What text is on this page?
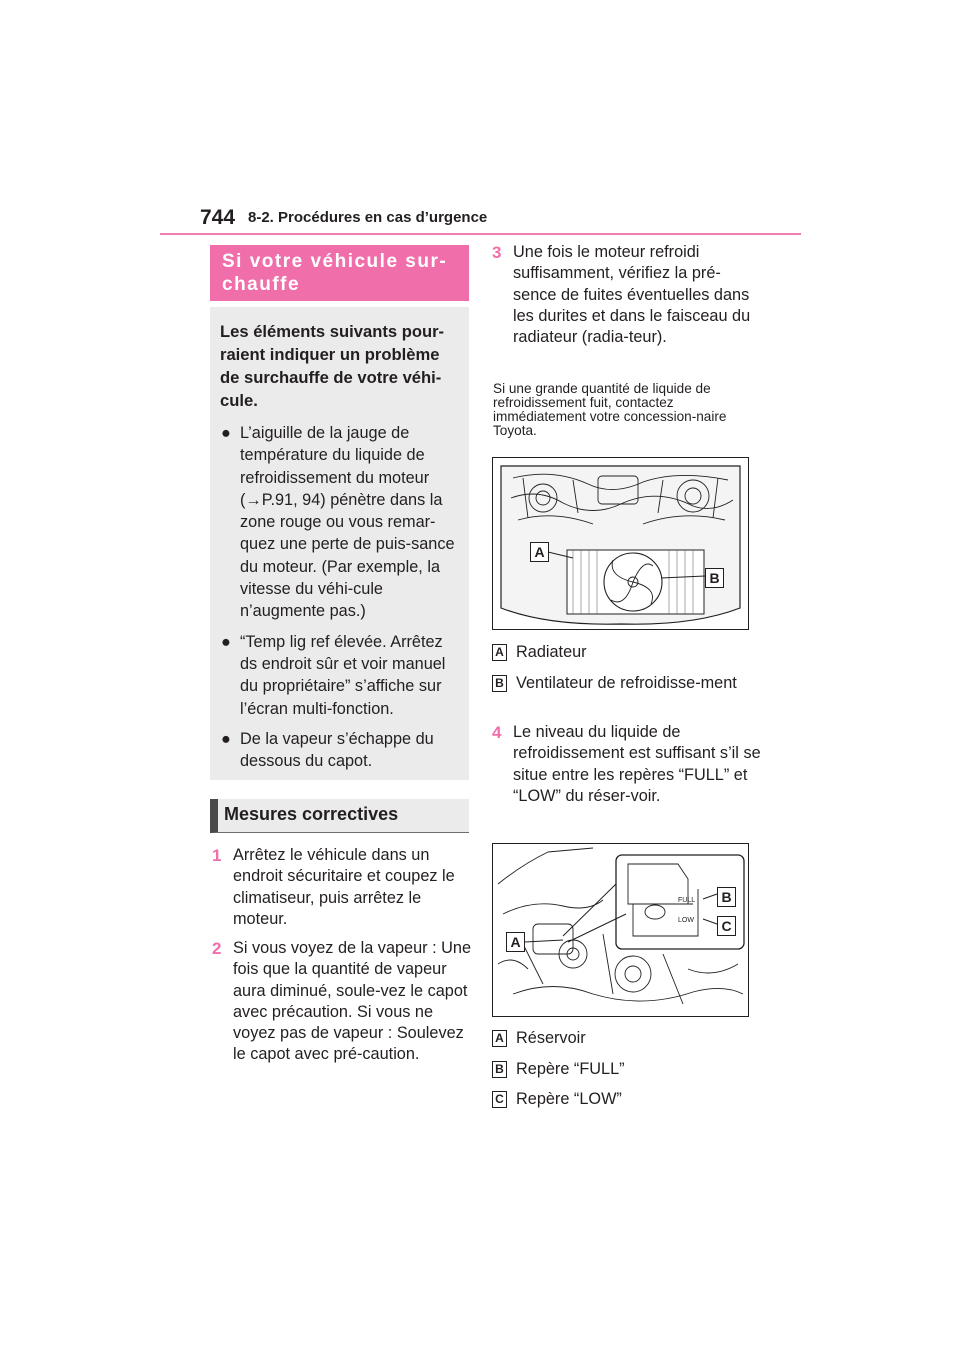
744 8-2. Procédures en cas d’urgence
Si votre véhicule sur-chauffe
Les éléments suivants pour-raient indiquer un problème de surchauffe de votre véhi-cule.
● L’aiguille de la jauge de température du liquide de refroidissement du moteur (→P.91, 94) pénètre dans la zone rouge ou vous remar-quez une perte de puis-sance du moteur. (Par exemple, la vitesse du véhi-cule n’augmente pas.)
● “Temp lig ref élevée. Arrêtez ds endroit sûr et voir manuel du propriétaire” s’affiche sur l’écran multi-fonction.
● De la vapeur s’échappe du dessous du capot.
Mesures correctives
1 Arrêtez le véhicule dans un endroit sécuritaire et coupez le climatiseur, puis arrêtez le moteur.
2 Si vous voyez de la vapeur : Une fois que la quantité de vapeur aura diminué, soule-vez le capot avec précaution. Si vous ne voyez pas de vapeur : Soulevez le capot avec pré-caution.
3 Une fois le moteur refroidi suffisamment, vérifiez la pré-sence de fuites éventuelles dans les durites et dans le faisceau du radiateur (radia-teur).
Si une grande quantité de liquide de refroidissement fuit, contactez immédiatement votre concession-naire Toyota.
A
B
A Radiateur
B Ventilateur de refroidisse-ment
4 Le niveau du liquide de refroidissement est suffisant s’il se situe entre les repères “FULL” et “LOW” du réser-voir.
FULL
LOW
B
C
A
A Réservoir
B Repère “FULL”
C Repère “LOW”
